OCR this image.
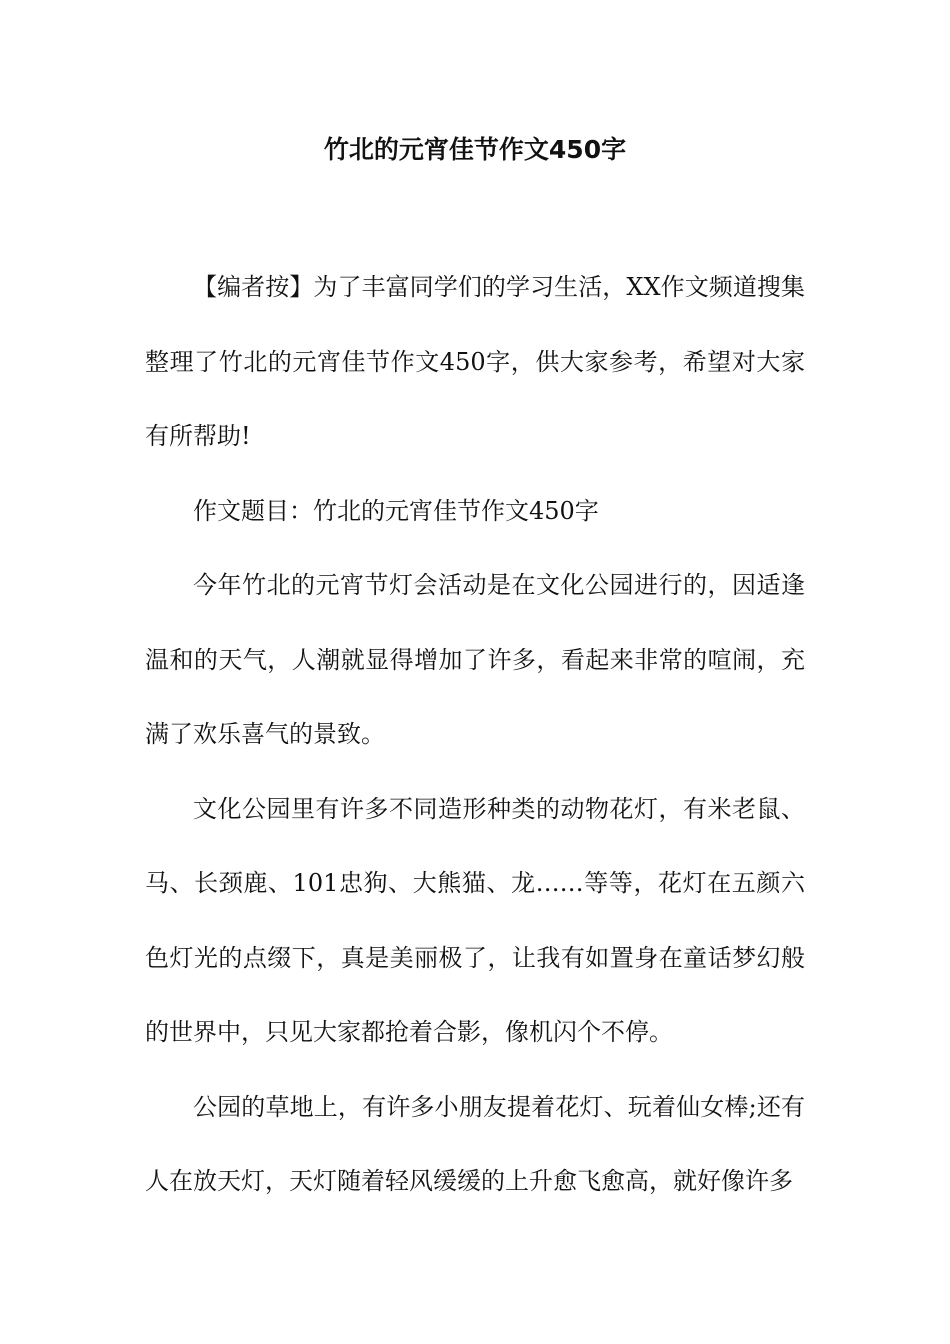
竹北的元宵佳节作文450字

【编者按】为了丰富同学们的学习生活，XX作文频道搜集整理了竹北的元宵佳节作文450字，供大家参考，希望对大家有所帮助!

作文题目：竹北的元宵佳节作文450字

今年竹北的元宵节灯会活动是在文化公园进行的，因适逢温和的天气，人潮就显得增加了许多，看起来非常的喧闹，充满了欢乐喜气的景致。

文化公园里有许多不同造形种类的动物花灯，有米老鼠、马、长颈鹿、101忠狗、大熊猫、龙……等等，花灯在五颜六色灯光的点缀下，真是美丽极了，让我有如置身在童话梦幻般的世界中，只见大家都抢着合影，像机闪个不停。

公园的草地上，有许多小朋友提着花灯、玩着仙女棒;还有人在放天灯，天灯随着轻风缓缓的上升愈飞愈高，就好像许多
